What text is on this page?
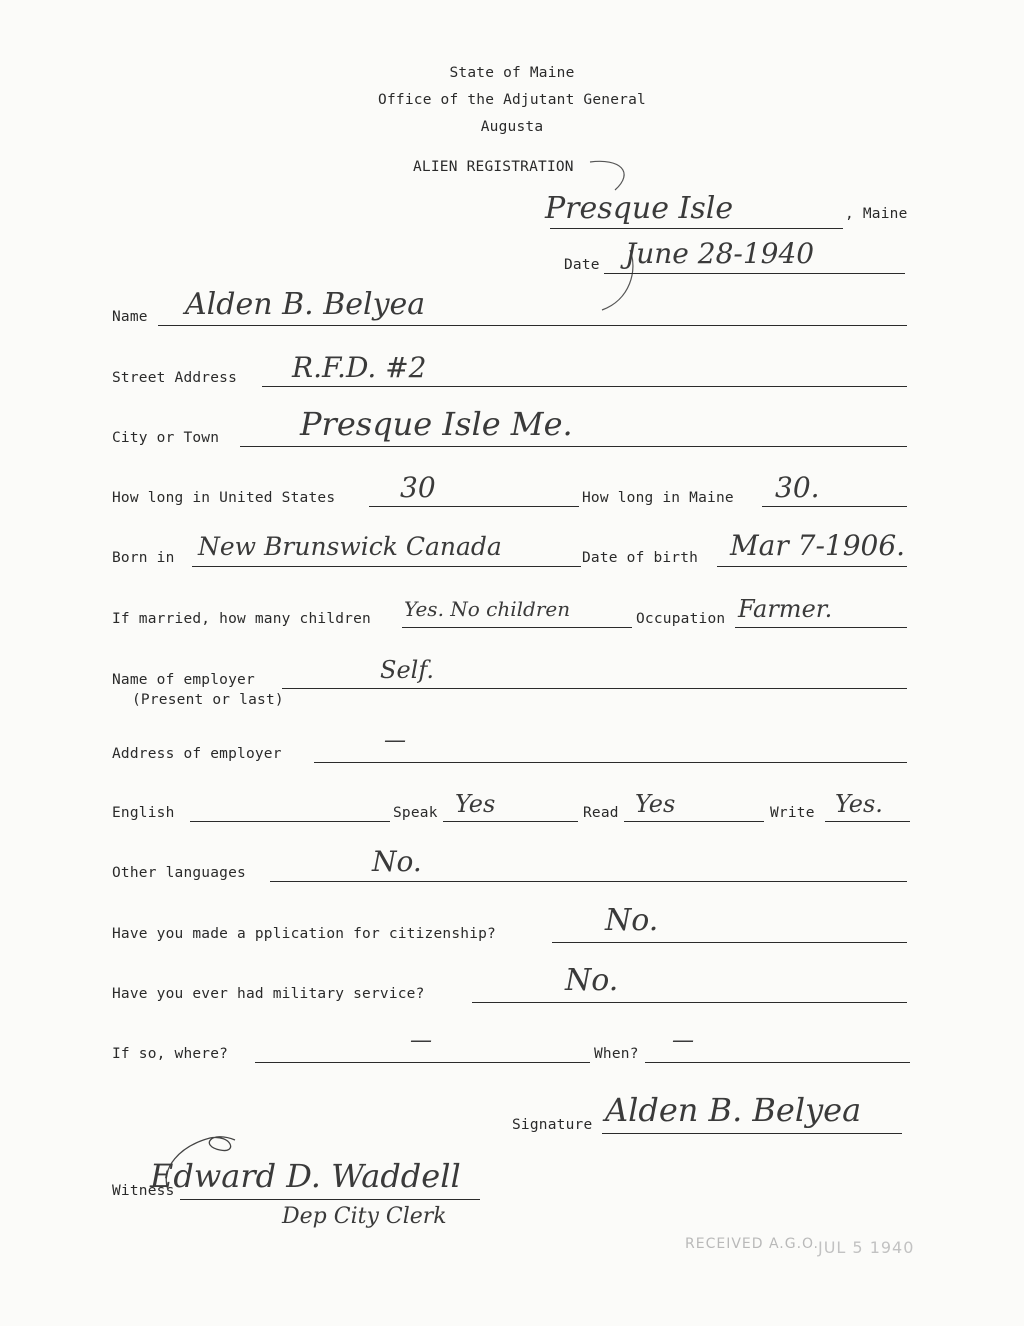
State of Maine
Office of the Adjutant General
Augusta
ALIEN REGISTRATION
Presque Isle	, Maine
Date June 28-1940
Name Alden B. Belyea
Street Address R.F.D. #2
City or Town	Presque Isle Me.
How long in United States 30	How long in Maine 30.
Born in New Brunswick Canada	Date of birth Mar 7-1906.
If married, how many children Yes. No children	Occupation Farmer.
Name of employer
(Present or last)
Self.
Address of employer
—
English	Speak Yes	Read Yes	Write Yes.
Other languages	No.
Have you made a pplication for citizenship?	No.
Have you ever had military service?	No.
If so, where?
—
When?
—
Signature Alden B. Belyea
Witness
Edward D. Waddell
Dep City Clerk
RECEIVED A.G.O. JUL 5 1940
